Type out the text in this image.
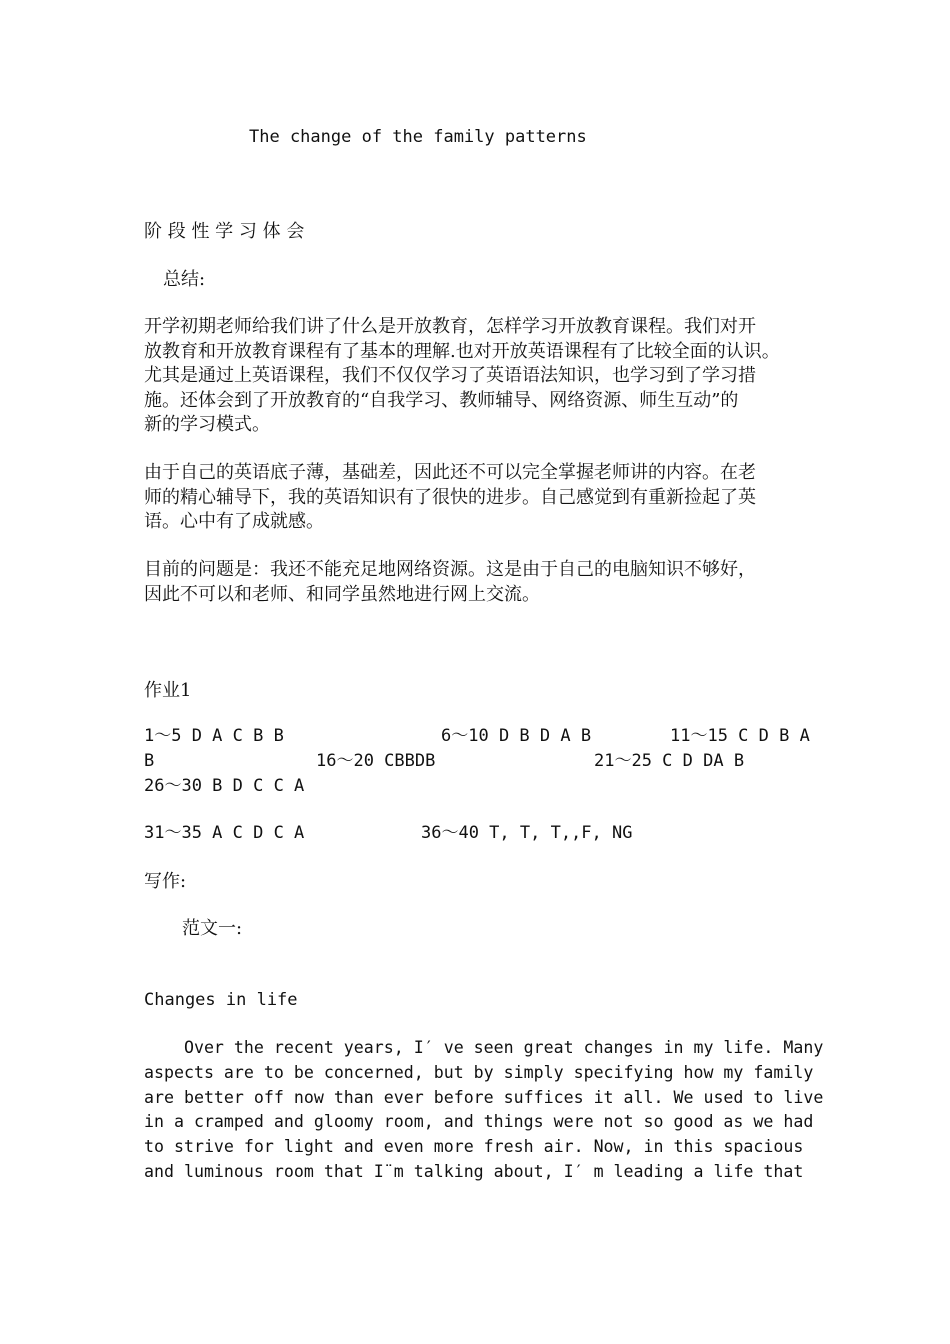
The change of the family patterns
阶 段 性 学 习 体 会
总结:
开学初期老师给我们讲了什么是开放教育，怎样学习开放教育课程。我们对开
放教育和开放教育课程有了基本的理解.也对开放英语课程有了比较全面的认识。
尤其是通过上英语课程，我们不仅仅学习了英语语法知识，也学习到了学习措
施。还体会到了开放教育的“自我学习、教师辅导、网络资源、师生互动”的
新的学习模式。
由于自己的英语底子薄，基础差，因此还不可以完全掌握老师讲的内容。在老
师的精心辅导下，我的英语知识有了很快的进步。自己感觉到有重新捡起了英
语。心中有了成就感。
目前的问题是：我还不能充足地网络资源。这是由于自己的电脑知识不够好，
因此不可以和老师、和同学虽然地进行网上交流。
作业1
1～5 D A C B B	6～10 D B D A B	11～15 C D B A
B	16～20 CBBDB	21～25 C D DA B
26～30 B D C C A
31～35 A C D C A	36～40 T, T, T,,F, NG
写作:
范文一:
Changes in life
Over the recent years, I′ ve seen great changes in my life. Many
aspects are to be concerned, but by simply specifying how my family
are better off now than ever before suffices it all. We used to live
in a cramped and gloomy room, and things were not so good as we had
to strive for light and even more fresh air. Now, in this spacious
and luminous room that I¨m talking about, I′ m leading a life that
